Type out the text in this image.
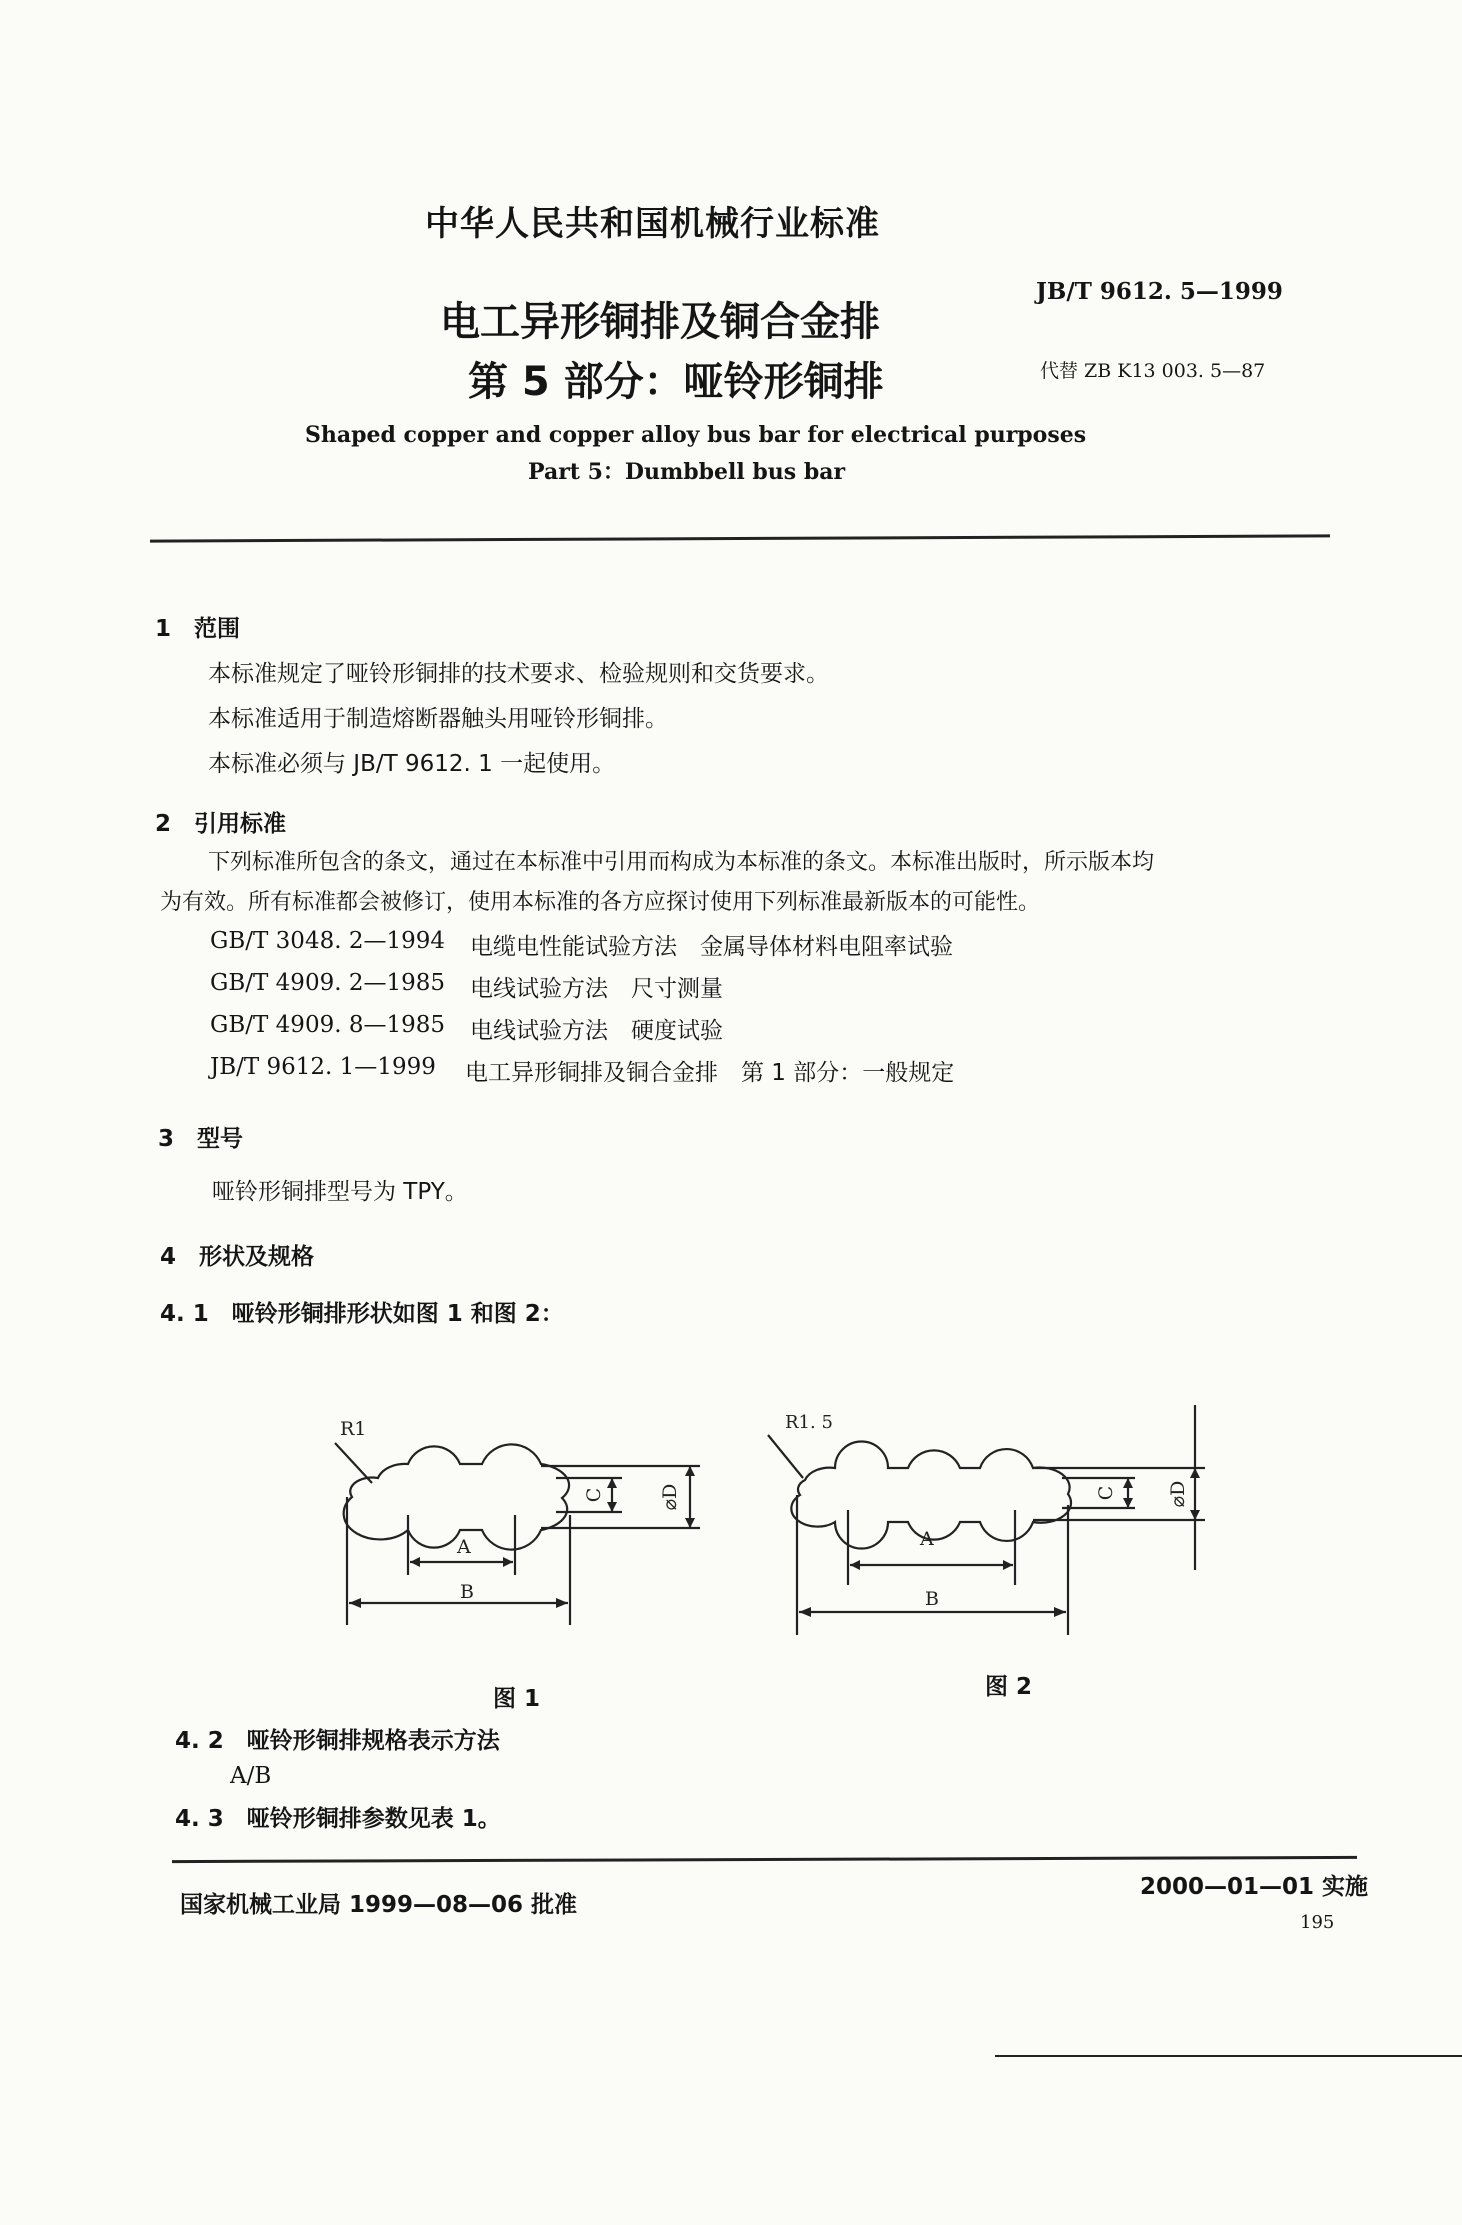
中华人民共和国机械行业标准
电工异形铜排及铜合金排
第 5 部分：哑铃形铜排
JB/T 9612. 5—1999
代替 ZB K13 003. 5—87
Shaped copper and copper alloy bus bar for electrical purposes
Part 5：Dumbbell bus bar
1　范围
本标准规定了哑铃形铜排的技术要求、检验规则和交货要求。
本标准适用于制造熔断器触头用哑铃形铜排。
本标准必须与 JB/T 9612. 1 一起使用。
2　引用标准
下列标准所包含的条文，通过在本标准中引用而构成为本标准的条文。本标准出版时，所示版本均
为有效。所有标准都会被修订，使用本标准的各方应探讨使用下列标准最新版本的可能性。
GB/T 3048. 2—1994 电缆电性能试验方法　金属导体材料电阻率试验
GB/T 4909. 2—1985 电线试验方法　尺寸测量
GB/T 4909. 8—1985 电线试验方法　硬度试验
JB/T 9612. 1—1999 电工异形铜排及铜合金排　第 1 部分：一般规定
3　型号
哑铃形铜排型号为 TPY。
4　形状及规格
4. 1　哑铃形铜排形状如图 1 和图 2：
R1
A
B
C	⌀D
R1. 5
A
B
C	⌀D
图 1	图 2
4. 2　哑铃形铜排规格表示方法
A/B
4. 3　哑铃形铜排参数见表 1。
国家机械工业局 1999—08—06 批准
2000—01—01 实施
195
